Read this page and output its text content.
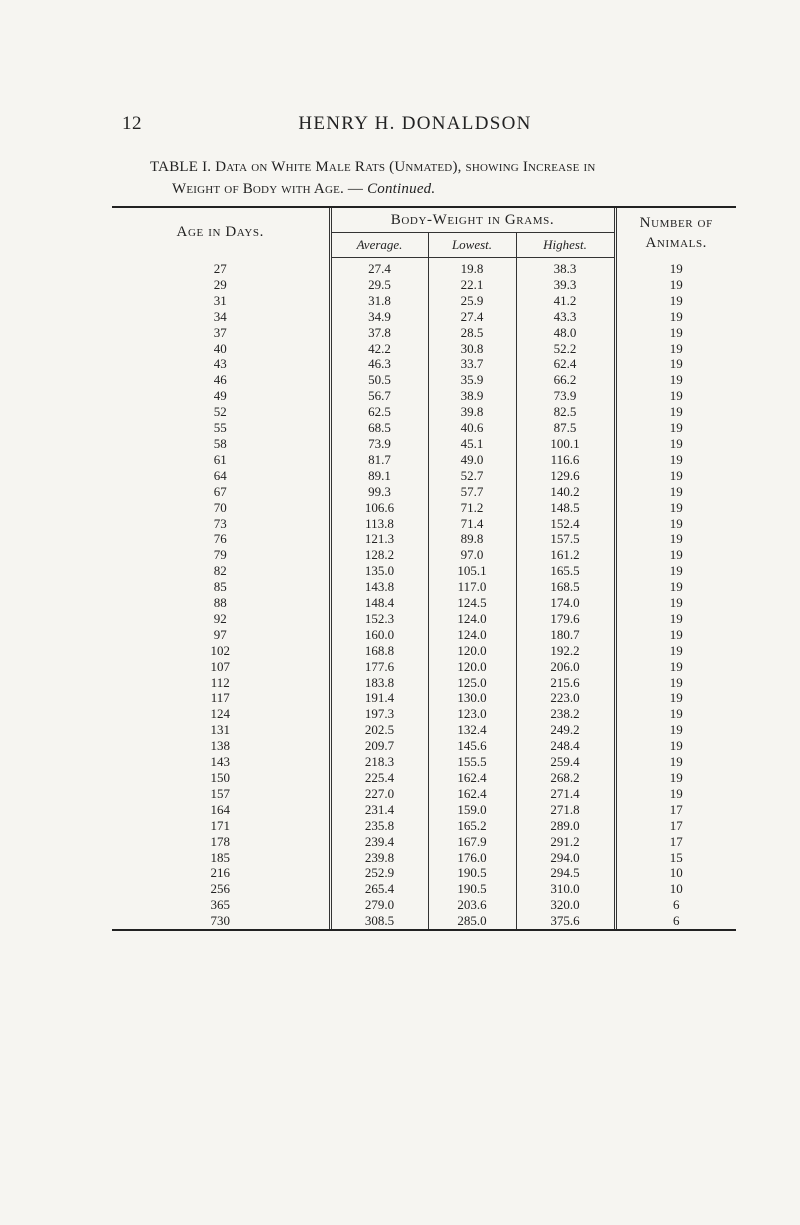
12	HENRY H. DONALDSON
TABLE I. Data on White Male Rats (Unmated), showing Increase in
Weight of Body with Age. — Continued.
Age in Days.	Body-Weight in Grams.			Number of
Animals.

	Average.	Lowest.	Highest.	
27	27.4	19.8	38.3	19
29	29.5	22.1	39.3	19
31	31.8	25.9	41.2	19
34	34.9	27.4	43.3	19
37	37.8	28.5	48.0	19
40	42.2	30.8	52.2	19
43	46.3	33.7	62.4	19
46	50.5	35.9	66.2	19
49	56.7	38.9	73.9	19
52	62.5	39.8	82.5	19
55	68.5	40.6	87.5	19
58	73.9	45.1	100.1	19
61	81.7	49.0	116.6	19
64	89.1	52.7	129.6	19
67	99.3	57.7	140.2	19
70	106.6	71.2	148.5	19
73	113.8	71.4	152.4	19
76	121.3	89.8	157.5	19
79	128.2	97.0	161.2	19
82	135.0	105.1	165.5	19
85	143.8	117.0	168.5	19
88	148.4	124.5	174.0	19
92	152.3	124.0	179.6	19
97	160.0	124.0	180.7	19
102	168.8	120.0	192.2	19
107	177.6	120.0	206.0	19
112	183.8	125.0	215.6	19
117	191.4	130.0	223.0	19
124	197.3	123.0	238.2	19
131	202.5	132.4	249.2	19
138	209.7	145.6	248.4	19
143	218.3	155.5	259.4	19
150	225.4	162.4	268.2	19
157	227.0	162.4	271.4	19
164	231.4	159.0	271.8	17
171	235.8	165.2	289.0	17
178	239.4	167.9	291.2	17
185	239.8	176.0	294.0	15
216	252.9	190.5	294.5	10
256	265.4	190.5	310.0	10
365	279.0	203.6	320.0	6
730	308.5	285.0	375.6	6
